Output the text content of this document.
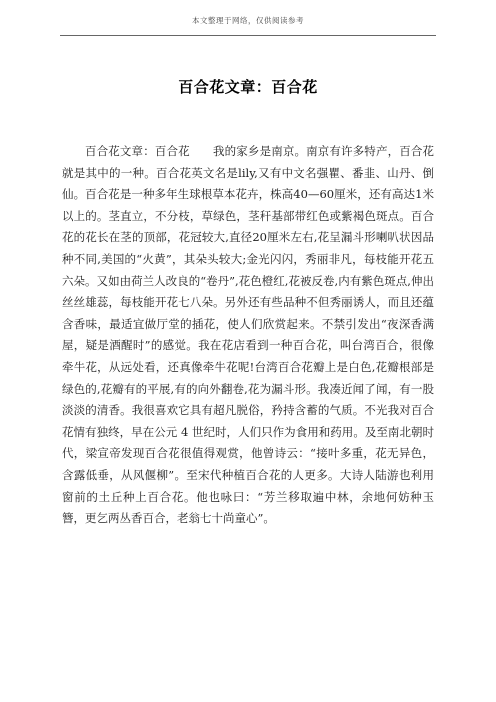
本文整理于网络，仅供阅读参考
百合花文章：百合花

百合花文章：百合花　　我的家乡是南京。南京有许多特产，百合花就是其中的一种。百合花英文名是lily,又有中文名强瞿、番韭、山丹、倒仙。百合花是一种多年生球根草本花卉，株高40—60厘米，还有高达1米以上的。茎直立，不分枝，草绿色，茎秆基部带红色或紫褐色斑点。百合花的花长在茎的顶部，花冠较大,直径20厘米左右,花呈漏斗形喇叭状因品种不同,美国的“火黄”，其朵头较大;金光闪闪，秀丽非凡，每枝能开花五六朵。又如由荷兰人改良的“卷丹”,花色橙红,花被反卷,内有紫色斑点,伸出丝丝雄蕊，每枝能开花七八朵。另外还有些品种不但秀丽诱人，而且还蕴含香味，最适宜做厅堂的插花，使人们欣赏起来。不禁引发出“夜深香满屋，疑是酒醒时”的感觉。我在花店看到一种百合花，叫台湾百合，很像牵牛花，从远处看，还真像牵牛花呢!台湾百合花瓣上是白色,花瓣根部是绿色的,花瓣有的平展,有的向外翻卷,花为漏斗形。我凑近闻了闻，有一股淡淡的清香。我很喜欢它具有超凡脱俗，矜持含蓄的气质。不光我对百合花情有独终，早在公元 4 世纪时，人们只作为食用和药用。及至南北朝时代，梁宣帝发现百合花很值得观赏，他曾诗云：“接叶多重，花无异色，含露低垂，从风偃柳”。至宋代种植百合花的人更多。大诗人陆游也利用窗前的土丘种上百合花。他也咏曰：“芳兰移取遍中林，余地何妨种玉簪，更乞两丛香百合，老翁七十尚童心”。
